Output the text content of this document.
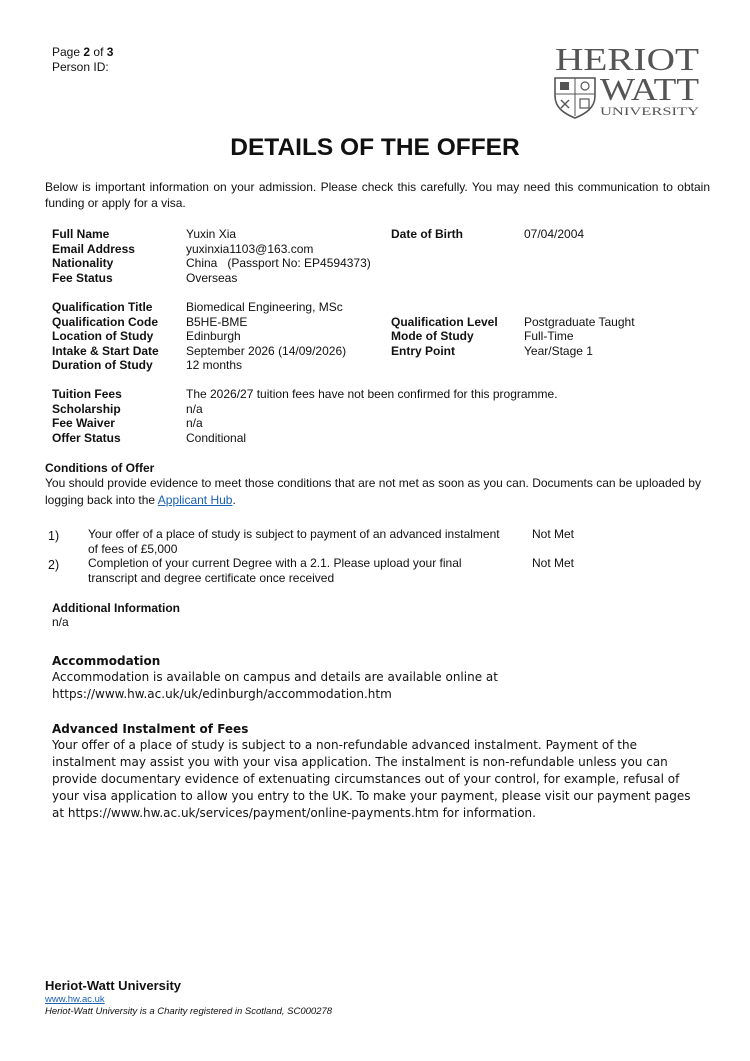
Page 2 of 3
Person ID:	HERIOT
WATT
UNIVERSITY
DETAILS OF THE OFFER
Below is important information on your admission. Please check this carefully. You may need this communication to obtain funding or apply for a visa.
Full Name
Email Address
Nationality
Fee Status
Yuxin Xia
yuxinxia1103@163.com
China   (Passport No: EP4594373)
Overseas
Date of Birth	07/04/2004
Qualification Title
Qualification Code
Location of Study
Intake & Start Date
Duration of Study
Biomedical Engineering, MSc
B5HE-BME
Edinburgh
September 2026 (14/09/2026)
12 months
Qualification Level
Mode of Study
Entry Point
Postgraduate Taught
Full-Time
Year/Stage 1
Tuition Fees
Scholarship
Fee Waiver
Offer Status
The 2026/27 tuition fees have not been confirmed for this programme.
n/a
n/a
Conditional
Conditions of Offer
You should provide evidence to meet those conditions that are not met as soon as you can. Documents can be uploaded by logging back into the Applicant Hub.
1) Your offer of a place of study is subject to payment of an advanced instalment of fees of £5,000
Not Met
2) Completion of your current Degree with a 2.1. Please upload your final transcript and degree certificate once received
Not Met
Additional Information
n/a
Accommodation
Accommodation is available on campus and details are available online at https://www.hw.ac.uk/uk/edinburgh/accommodation.htm
Advanced Instalment of Fees
Your offer of a place of study is subject to a non-refundable advanced instalment. Payment of the instalment may assist you with your visa application. The instalment is non-refundable unless you can provide documentary evidence of extenuating circumstances out of your control, for example, refusal of your visa application to allow you entry to the UK. To make your payment, please visit our payment pages at https://www.hw.ac.uk/services/payment/online-payments.htm for information.
Heriot-Watt University
www.hw.ac.uk
Heriot-Watt University is a Charity registered in Scotland, SC000278
